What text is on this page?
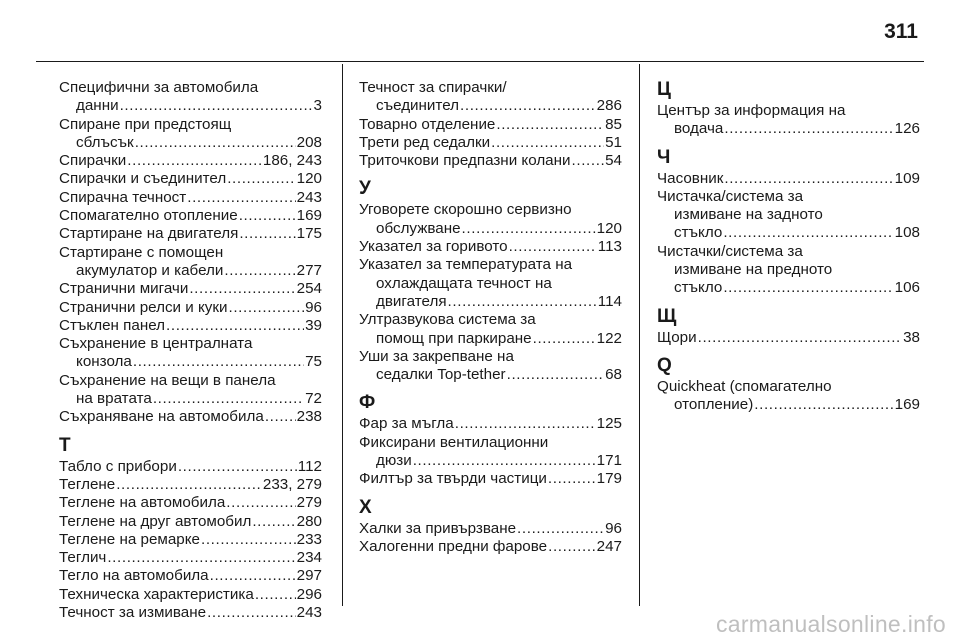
311
Специфични за автомобила
данни . . .	3
Спиране при предстоящ
сблъсък . . .	208
Спирачки . . .	186, 243
Спирачки и съединител . . .	120
Спирачна течност . . .	243
Спомагателно отопление . . .	169
Стартиране на двигателя . . .	175
Стартиране с помощен
акумулатор и кабели . . .	277
Странични мигачи . . .	254
Странични релси и куки . . .	96
Стъклен панел . . .	39
Съхранение в централната
конзола . . .	75
Съхранение на вещи в панела
на вратата . . .	72
Съхраняване на автомобила . . . 238
Т
Табло с прибори . . .	112
Теглене . . .	233, 279
Теглене на автомобила . . .	279
Теглене на друг автомобил . . .	280
Теглене на ремарке . . .	233
Теглич . . .	234
Тегло на автомобила . . .	297
Техническа характеристика . . .	296
Течност за измиване . . .	243
Течност за спирачки/
съединител . . .	286
Товарно отделение . . .	85
Трети ред седалки . . .	51
Триточкови предпазни колани . . . 54
У
Уговорете скорошно сервизно
обслужване . . .	120
Указател за горивото . . .	113
Указател за температурата на
охлаждащата течност на
двигателя . . .	114
Ултразвукова система за
помощ при паркиране . . .	122
Уши за закрепване на
седалки Top-tether . . .	68
Ф
Фар за мъгла . . .	125
Фиксирани вентилационни
дюзи . . .	171
Филтър за твърди частици . . .	179
Х
Халки за привързване . . .	96
Халогенни предни фарове . . .	247
Ц
Център за информация на
водача . . .	126
Ч
Часовник . . .	109
Чистачка/система за
измиване на задното
стъкло . . .	108
Чистачки/система за
измиване на предното
стъкло . . .	106
Щ
Щори . . .	38
Q
Quickheat (спомагателно
отопление) . . .	169
carmanualsonline.info
